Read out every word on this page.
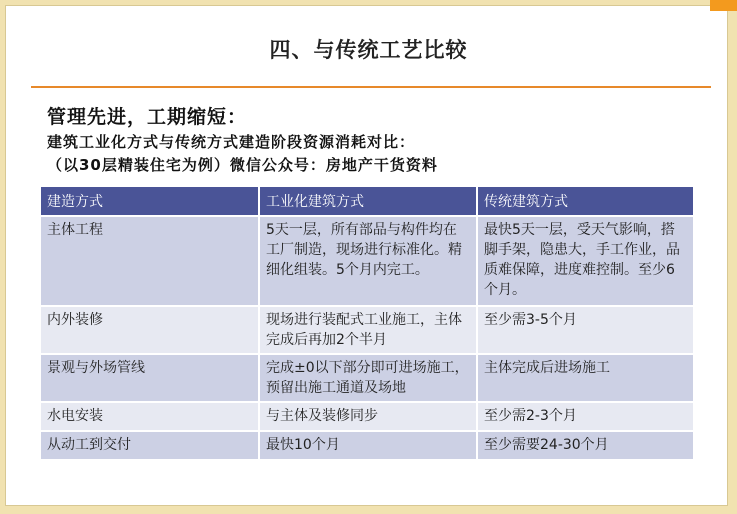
四、与传统工艺比较
管理先进，工期缩短：
建筑工业化方式与传统方式建造阶段资源消耗对比：
（以30层精装住宅为例）微信公众号：房地产干货资料
建造方式	工业化建筑方式	传统建筑方式
主体工程	5天一层，所有部品与构件均在工厂制造，现场进行标准化。精细化组装。5个月内完工。	最快5天一层，受天气影响，搭脚手架，隐患大，手工作业，品质难保障，进度难控制。至少6个月。
内外装修	现场进行装配式工业施工，主体完成后再加2个半月	至少需3-5个月
景观与外场管线	完成±0以下部分即可进场施工，预留出施工通道及场地	主体完成后进场施工
水电安装	与主体及装修同步	至少需2-3个月
从动工到交付	最快10个月	至少需要24-30个月
